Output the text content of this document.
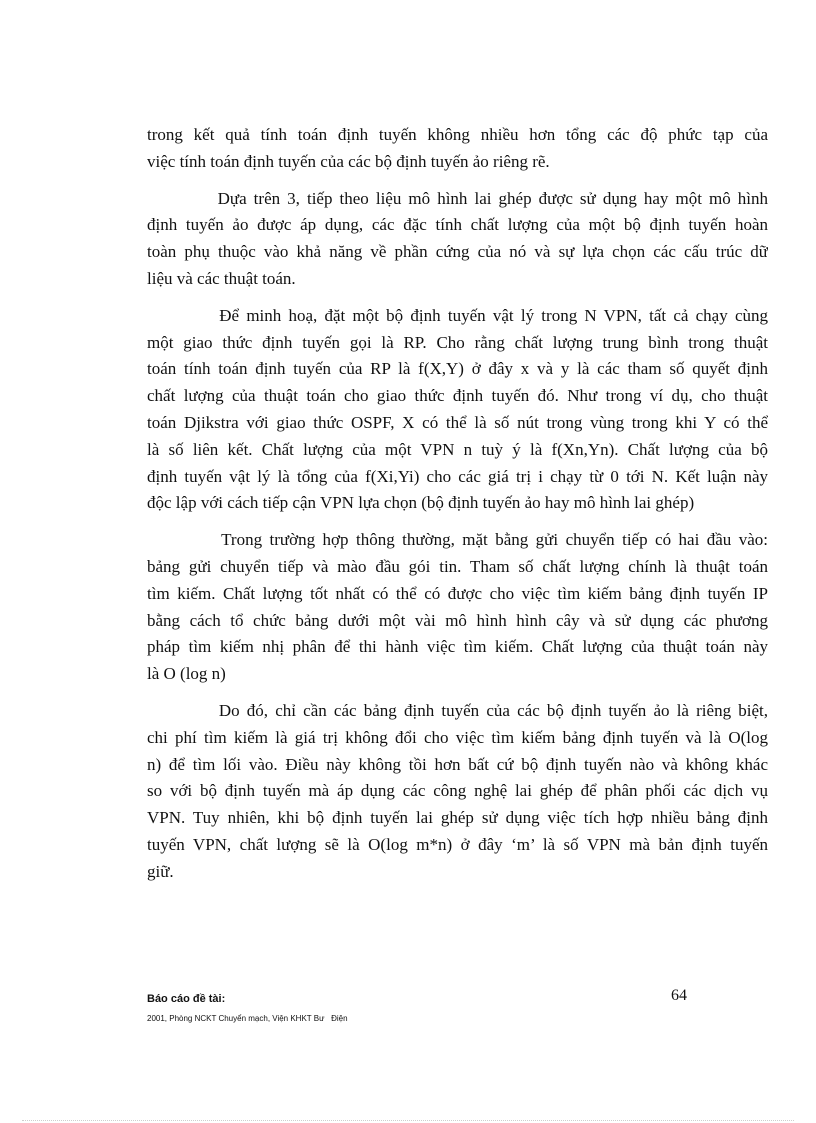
trong kết quả tính toán định tuyến không nhiều hơn tổng các độ phức tạp của
việc tính toán định tuyến của các bộ định tuyến ảo riêng rẽ.

Dựa trên 3, tiếp theo liệu mô hình lai ghép được sử dụng hay một mô hình
định tuyến ảo được áp dụng, các đặc tính chất lượng của một bộ định tuyến hoàn
toàn phụ thuộc vào khả năng về phần cứng của nó và sự lựa chọn các cấu trúc dữ
liệu và các thuật toán.

Để minh hoạ, đặt một bộ định tuyến vật lý trong N VPN, tất cả chạy cùng
một giao thức định tuyến gọi là RP. Cho rằng chất lượng trung bình trong thuật
toán tính toán định tuyến của RP là f(X,Y) ở đây x và y là các tham số quyết định
chất lượng của thuật toán cho giao thức định tuyến đó. Như trong ví dụ, cho thuật
toán Djikstra với giao thức OSPF, X có thể là số nút trong vùng trong khi Y có thể
là số liên kết. Chất lượng của một VPN n tuỳ ý là f(Xn,Yn). Chất lượng của bộ
định tuyến vật lý là tổng của f(Xi,Yi) cho các giá trị i chạy từ 0 tới N. Kết luận này
độc lập với cách tiếp cận VPN lựa chọn (bộ định tuyến ảo hay mô hình lai ghép)

Trong trường hợp thông thường, mặt bằng gửi chuyển tiếp có hai đầu vào:
bảng gửi chuyển tiếp và mào đầu gói tin. Tham số chất lượng chính là thuật toán
tìm kiếm. Chất lượng tốt nhất có thể có được cho việc tìm kiếm bảng định tuyến IP
bằng cách tổ chức bảng dưới một vài mô hình hình cây và sử dụng các phương
pháp tìm kiếm nhị phân để thi hành việc tìm kiếm. Chất lượng của thuật toán này
là O (log n)

Do đó, chỉ cần các bảng định tuyến của các bộ định tuyến ảo là riêng biệt,
chi phí tìm kiếm là giá trị không đổi cho việc tìm kiếm bảng định tuyến và là O(log
n) để tìm lối vào. Điều này không tồi hơn bất cứ bộ định tuyến nào và không khác
so với bộ định tuyến mà áp dụng các công nghệ lai ghép để phân phối các dịch vụ
VPN. Tuy nhiên, khi bộ định tuyến lai ghép sử dụng việc tích hợp nhiều bảng định
tuyến VPN, chất lượng sẽ là O(log m*n) ở đây ‘m’ là số VPN mà bản định tuyến
giữ.

Báo cáo đề tài:	64
2001, Phòng NCKT Chuyển mạch, Viện KHKT Bư   Điện
